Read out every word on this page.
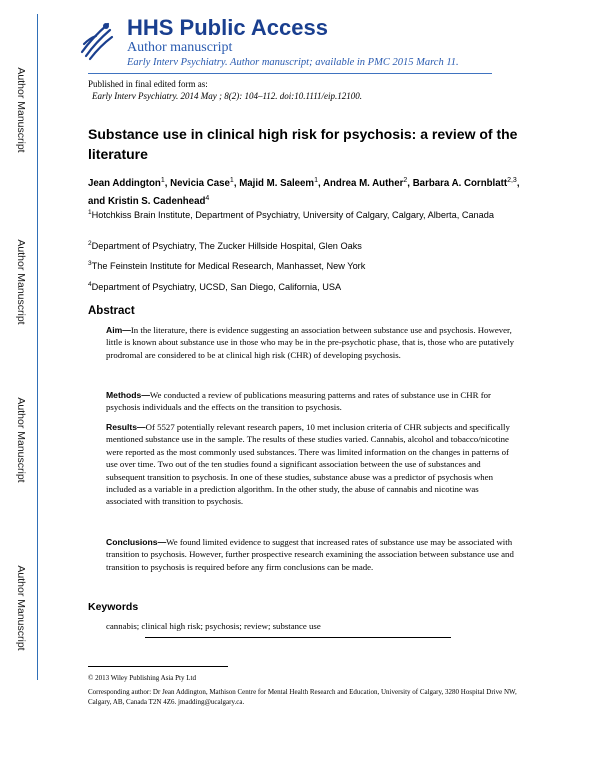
Author Manuscript
Author Manuscript
Author Manuscript
Author Manuscript
HHS Public Access
Author manuscript
Early Interv Psychiatry. Author manuscript; available in PMC 2015 March 11.
Published in final edited form as:
Early Interv Psychiatry. 2014 May ; 8(2): 104–112. doi:10.1111/eip.12100.
Substance use in clinical high risk for psychosis: a review of the literature
Jean Addington$^1$, Nevicia Case$^1$, Majid M. Saleem$^1$, Andrea M. Auther$^2$, Barbara A. Cornblatt$^{2,3}$, and Kristin S. Cadenhead$^4$
$^1$Hotchkiss Brain Institute, Department of Psychiatry, University of Calgary, Calgary, Alberta, Canada
$^2$Department of Psychiatry, The Zucker Hillside Hospital, Glen Oaks
$^3$The Feinstein Institute for Medical Research, Manhasset, New York
$^4$Department of Psychiatry, UCSD, San Diego, California, USA
Abstract
Aim—In the literature, there is evidence suggesting an association between substance use and psychosis. However, little is known about substance use in those who may be in the pre-psychotic phase, that is, those who are putatively prodromal are considered to be at clinical high risk (CHR) of developing psychosis.
Methods—We conducted a review of publications measuring patterns and rates of substance use in CHR for psychosis individuals and the effects on the transition to psychosis.
Results—Of 5527 potentially relevant research papers, 10 met inclusion criteria of CHR subjects and specifically mentioned substance use in the sample. The results of these studies varied. Cannabis, alcohol and tobacco/nicotine were reported as the most commonly used substances. There was limited information on the changes in patterns of use over time. Two out of the ten studies found a significant association between the use of substances and subsequent transition to psychosis. In one of these studies, substance abuse was a predictor of psychosis when included as a variable in a prediction algorithm. In the other study, the abuse of cannabis and nicotine was associated with transition to psychosis.
Conclusions—We found limited evidence to suggest that increased rates of substance use may be associated with transition to psychosis. However, further prospective research examining the association between substance use and transition to psychosis is required before any firm conclusions can be made.
Keywords
cannabis; clinical high risk; psychosis; review; substance use
© 2013 Wiley Publishing Asia Pty Ltd
Corresponding author: Dr Jean Addington, Mathison Centre for Mental Health Research and Education, University of Calgary, 3280 Hospital Drive NW, Calgary, AB, Canada T2N 4Z6. jmadding@ucalgary.ca.
